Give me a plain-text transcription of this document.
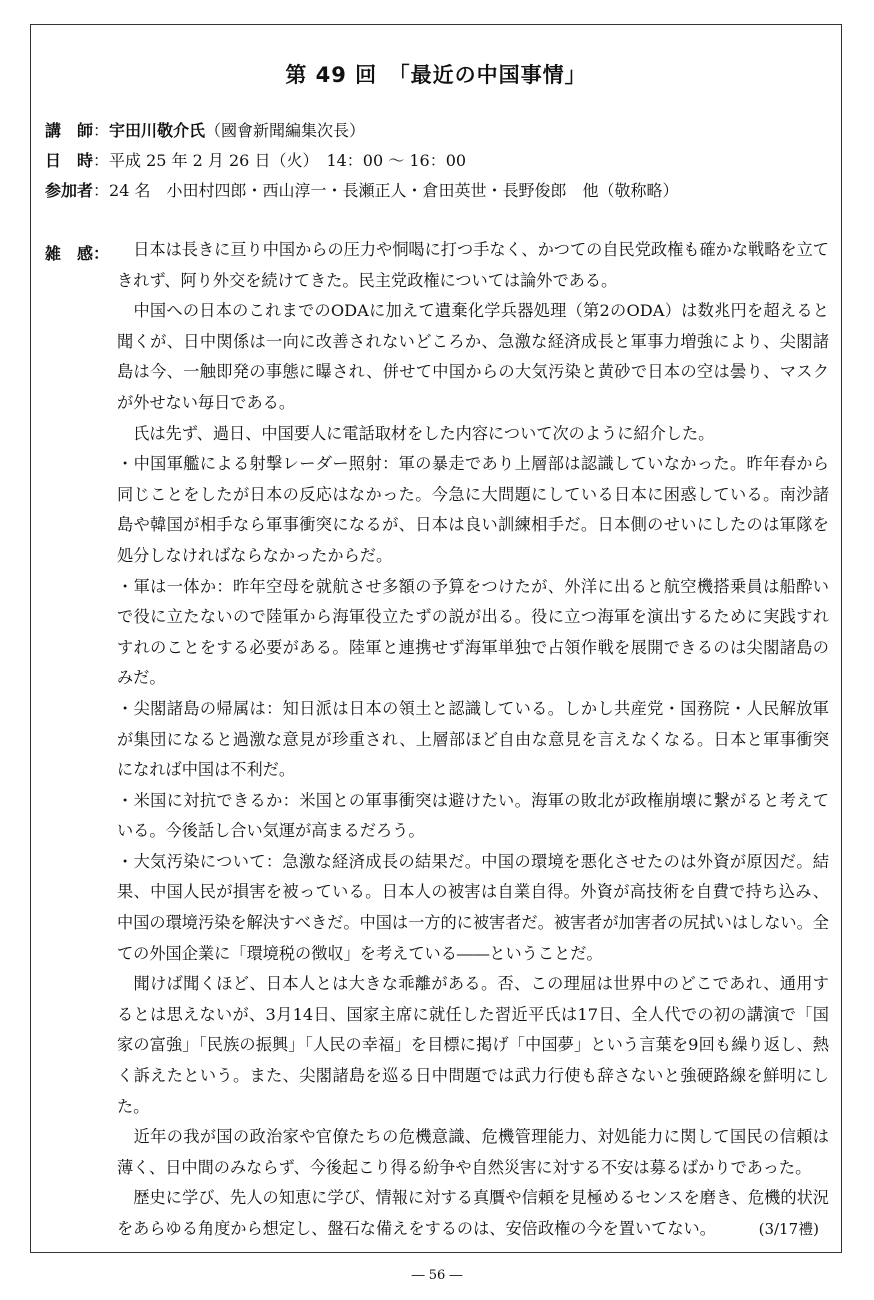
第 49 回　「最近の中国事情」
講　師：宇田川敬介氏（國會新聞編集次長）
日　時：平成 25 年 2 月 26 日（火）　14：00 ～ 16：00
参加者：24 名　小田村四郎・西山淳一・長瀬正人・倉田英世・長野俊郎　他（敬称略）
雑　感： 　日本は長きに亘り中国からの圧力や恫喝に打つ手なく、かつての自民党政権も確かな戦略を立てきれず、阿り外交を続けてきた。民主党政権については論外である。

　中国への日本のこれまでのODAに加えて遺棄化学兵器処理（第2のODA）は数兆円を超えると聞くが、日中関係は一向に改善されないどころか、急激な経済成長と軍事力増強により、尖閣諸島は今、一触即発の事態に曝され、併せて中国からの大気汚染と黄砂で日本の空は曇り、マスクが外せない毎日である。

　氏は先ず、過日、中国要人に電話取材をした内容について次のように紹介した。

・中国軍艦による射撃レーダー照射：軍の暴走であり上層部は認識していなかった。昨年春から同じことをしたが日本の反応はなかった。今急に大問題にしている日本に困惑している。南沙諸島や韓国が相手なら軍事衝突になるが、日本は良い訓練相手だ。日本側のせいにしたのは軍隊を処分しなければならなかったからだ。

・軍は一体か：昨年空母を就航させ多額の予算をつけたが、外洋に出ると航空機搭乗員は船酔いで役に立たないので陸軍から海軍役立たずの説が出る。役に立つ海軍を演出するために実践すれすれのことをする必要がある。陸軍と連携せず海軍単独で占領作戦を展開できるのは尖閣諸島のみだ。

・尖閣諸島の帰属は：知日派は日本の領土と認識している。しかし共産党・国務院・人民解放軍が集団になると過激な意見が珍重され、上層部ほど自由な意見を言えなくなる。日本と軍事衝突になれば中国は不利だ。

・米国に対抗できるか：米国との軍事衝突は避けたい。海軍の敗北が政権崩壊に繋がると考えている。今後話し合い気運が高まるだろう。

・大気汚染について：急激な経済成長の結果だ。中国の環境を悪化させたのは外資が原因だ。結果、中国人民が損害を被っている。日本人の被害は自業自得。外資が高技術を自費で持ち込み、中国の環境汚染を解決すべきだ。中国は一方的に被害者だ。被害者が加害者の尻拭いはしない。全ての外国企業に「環境税の徴収」を考えている――ということだ。

　聞けば聞くほど、日本人とは大きな乖離がある。否、この理屈は世界中のどこであれ、通用するとは思えないが、3月14日、国家主席に就任した習近平氏は17日、全人代での初の講演で「国家の富強」「民族の振興」「人民の幸福」を目標に掲げ「中国夢」という言葉を9回も繰り返し、熱く訴えたという。また、尖閣諸島を巡る日中問題では武力行使も辞さないと強硬路線を鮮明にした。

　近年の我が国の政治家や官僚たちの危機意識、危機管理能力、対処能力に関して国民の信頼は薄く、日中間のみならず、今後起こり得る紛争や自然災害に対する不安は募るばかりであった。

　歴史に学び、先人の知恵に学び、情報に対する真贋や信頼を見極めるセンスを磨き、危機的状況をあらゆる角度から想定し、盤石な備えをするのは、安倍政権の今を置いてない。	(3/17禮)
― 56 ―
